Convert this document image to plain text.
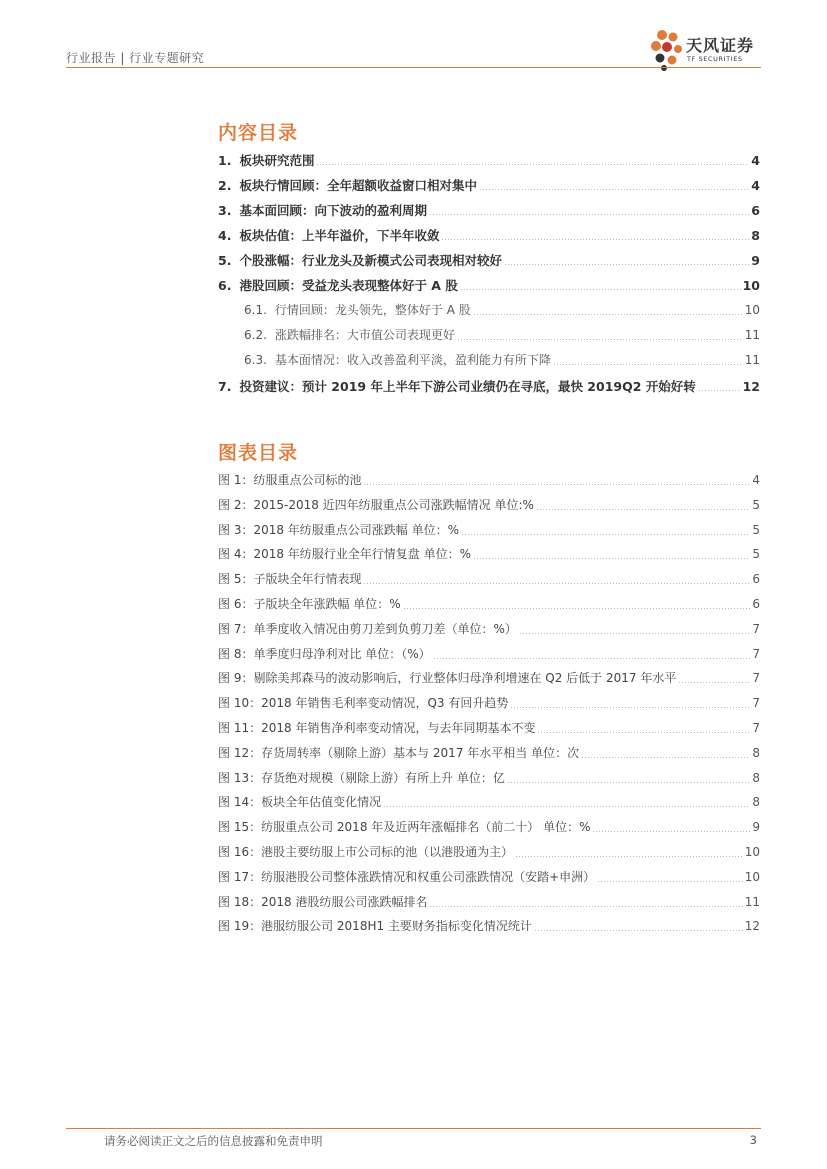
行业报告 | 行业专题研究
天风证券
TF SECURITIES
内容目录
1. 板块研究范围	4
2. 板块行情回顾：全年超额收益窗口相对集中	4
3. 基本面回顾：向下波动的盈利周期	6
4. 板块估值：上半年溢价，下半年收敛	8
5. 个股涨幅：行业龙头及新模式公司表现相对较好	9
6. 港股回顾：受益龙头表现整体好于 A 股	10
6.1. 行情回顾：龙头领先，整体好于 A 股	10
6.2. 涨跌幅排名：大市值公司表现更好	11
6.3. 基本面情况：收入改善盈利平淡，盈利能力有所下降	11
7. 投资建议：预计 2019 年上半年下游公司业绩仍在寻底，最快 2019Q2 开始好转	12
图表目录
图 1： 纺服重点公司标的池	4
图 2： 2015-2018 近四年纺服重点公司涨跌幅情况 单位:%	5
图 3： 2018 年纺服重点公司涨跌幅 单位：%	5
图 4： 2018 年纺服行业全年行情复盘 单位：%	5
图 5： 子版块全年行情表现	6
图 6： 子版块全年涨跌幅 单位：%	6
图 7： 单季度收入情况由剪刀差到负剪刀差（单位：%）	7
图 8： 单季度归母净利对比 单位：（%）	7
图 9： 剔除美邦森马的波动影响后，行业整体归母净利增速在 Q2 后低于 2017 年水平	7
图 10： 2018 年销售毛利率变动情况，Q3 有回升趋势	7
图 11： 2018 年销售净利率变动情况，与去年同期基本不变	7
图 12： 存货周转率（剔除上游）基本与 2017 年水平相当 单位：次	8
图 13： 存货绝对规模（剔除上游）有所上升 单位：亿	8
图 14： 板块全年估值变化情况	8
图 15： 纺服重点公司 2018 年及近两年涨幅排名（前二十） 单位：%	9
图 16： 港股主要纺服上市公司标的池（以港股通为主）	10
图 17： 纺服港股公司整体涨跌情况和权重公司涨跌情况（安踏+申洲）	10
图 18： 2018 港股纺服公司涨跌幅排名	11
图 19： 港服纺服公司 2018H1 主要财务指标变化情况统计	12
请务必阅读正文之后的信息披露和免责申明	3
